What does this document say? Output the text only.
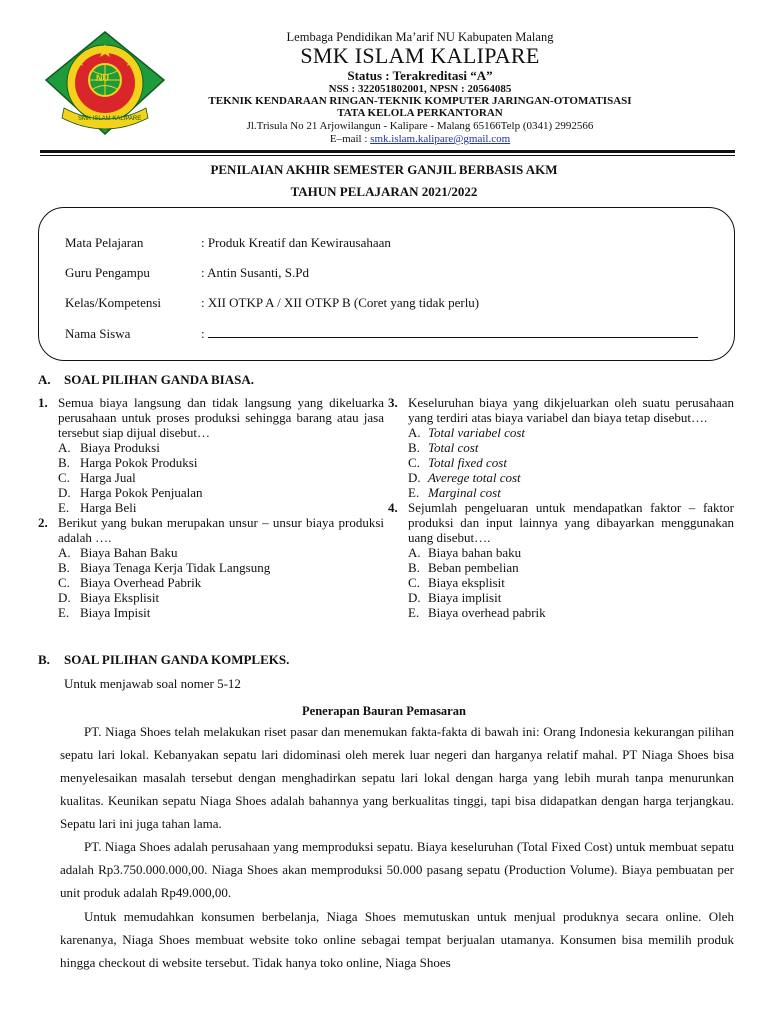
NU
SMK ISLAM KALIPARE
Lembaga Pendidikan Ma’arif NU Kabupaten Malang
SMK ISLAM KALIPARE
Status : Terakreditasi “A”
NSS : 322051802001, NPSN : 20564085
TEKNIK KENDARAAN RINGAN-TEKNIK KOMPUTER JARINGAN-OTOMATISASI
TATA KELOLA PERKANTORAN
Jl.Trisula No 21 Arjowilangun - Kalipare - Malang 65166Telp (0341) 2992566
E–mail : smk.islam.kalipare@gmail.com
PENILAIAN AKHIR SEMESTER GANJIL BERBASIS AKM
TAHUN PELAJARAN 2021/2022
Mata Pelajaran	: Produk Kreatif dan Kewirausahaan
Guru Pengampu	: Antin Susanti, S.Pd
Kelas/Kompetensi	: XII OTKP A / XII OTKP B (Coret yang tidak perlu)
Nama Siswa	:
A. SOAL PILIHAN GANDA BIASA.
1. Semua biaya langsung dan tidak langsung yang dikeluarka perusahaan untuk proses produksi sehingga barang atau jasa tersebut siap dijual disebut…
A. Biaya Produksi
B. Harga Pokok Produksi
C. Harga Jual
D. Harga Pokok Penjualan
E. Harga Beli
2. Berikut yang bukan merupakan unsur – unsur biaya produksi adalah ….
A. Biaya Bahan Baku
B. Biaya Tenaga Kerja Tidak Langsung
C. Biaya Overhead Pabrik
D. Biaya Eksplisit
E. Biaya Impisit
3. Keseluruhan biaya yang dikjeluarkan oleh suatu perusahaan yang terdiri atas biaya variabel dan biaya tetap disebut….
A. Total variabel cost
B. Total cost
C. Total fixed cost
D. Averege total cost
E. Marginal cost
4. Sejumlah pengeluaran untuk mendapatkan faktor – faktor produksi dan input lainnya yang dibayarkan menggunakan uang disebut….
A. Biaya bahan baku
B. Beban pembelian
C. Biaya eksplisit
D. Biaya implisit
E. Biaya overhead pabrik
B. SOAL PILIHAN GANDA KOMPLEKS.
Untuk menjawab soal nomer 5-12
Penerapan Bauran Pemasaran
PT. Niaga Shoes telah melakukan riset pasar dan menemukan fakta-fakta di bawah ini: Orang Indonesia kekurangan pilihan sepatu lari lokal. Kebanyakan sepatu lari didominasi oleh merek luar negeri dan harganya relatif mahal. PT Niaga Shoes bisa menyelesaikan masalah tersebut dengan menghadirkan sepatu lari lokal dengan harga yang lebih murah tanpa menurunkan kualitas. Keunikan sepatu Niaga Shoes adalah bahannya yang berkualitas tinggi, tapi bisa didapatkan dengan harga terjangkau. Sepatu lari ini juga tahan lama.
PT. Niaga Shoes adalah perusahaan yang memproduksi sepatu. Biaya keseluruhan (Total Fixed Cost) untuk membuat sepatu adalah Rp3.750.000.000,00. Niaga Shoes akan memproduksi 50.000 pasang sepatu (Production Volume). Biaya pembuatan per unit produk adalah Rp49.000,00.
Untuk memudahkan konsumen berbelanja, Niaga Shoes memutuskan untuk menjual produknya secara online. Oleh karenanya, Niaga Shoes membuat website toko online sebagai tempat berjualan utamanya. Konsumen bisa memilih produk hingga checkout di website tersebut. Tidak hanya toko online, Niaga Shoes
